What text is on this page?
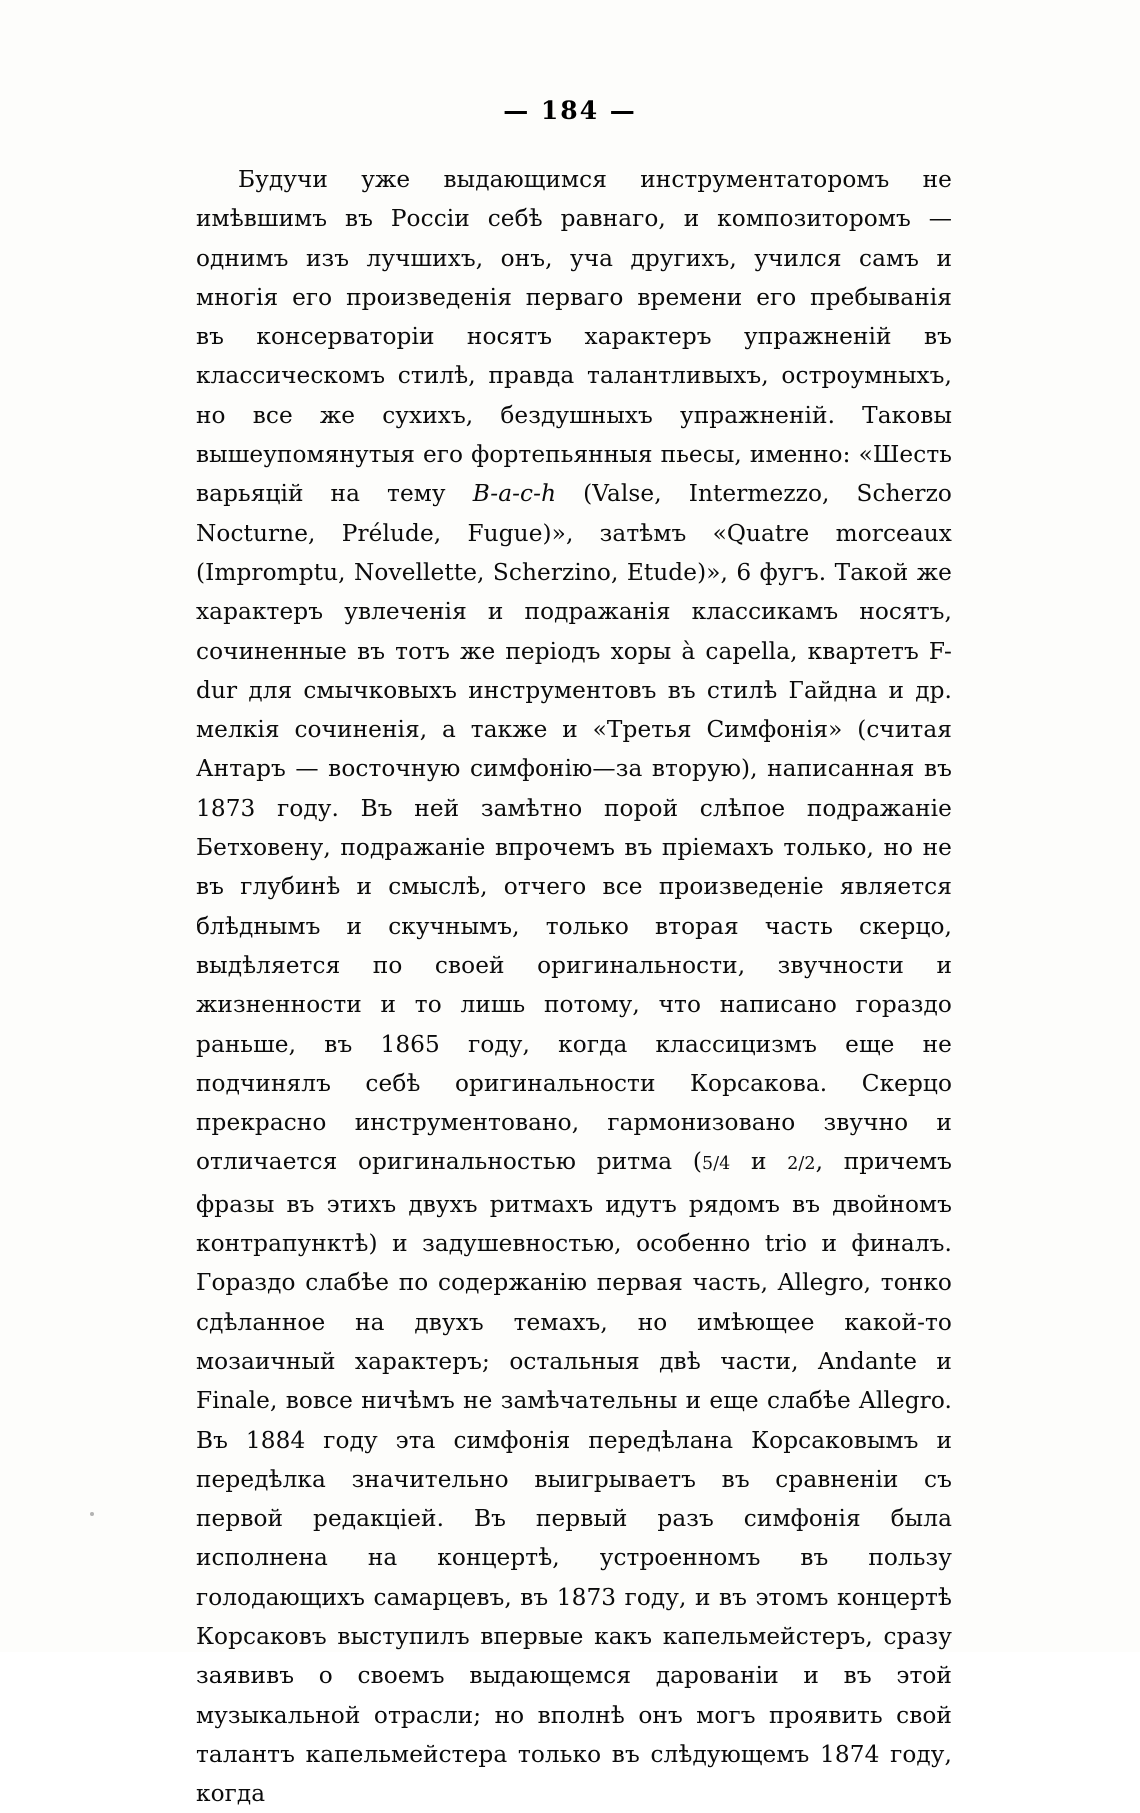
— 184 —

Будучи уже выдающимся инструментаторомъ не имѣвшимъ въ Россіи себѣ равнаго, и композиторомъ — однимъ изъ лучшихъ, онъ, уча другихъ, учился самъ и многія его произведенія перваго времени его пребыванія въ консерваторіи носятъ характеръ упражненій въ классическомъ стилѣ, правда талантливыхъ, остроумныхъ, но все же сухихъ, бездушныхъ упражненій. Таковы вышеупомянутыя его фортепьянныя пьесы, именно: «Шесть варьяцій на тему B-a-c-h (Valse, Intermezzo, Scherzo Nocturne, Prélude, Fugue)», затѣмъ «Quatre morceaux (Impromptu, Novellette, Scherzino, Etude)», 6 фугъ. Такой же характеръ увлеченія и подражанія классикамъ носятъ, сочиненные въ тотъ же періодъ хоры à capella, квартетъ F-dur для смычковыхъ инструментовъ въ стилѣ Гайдна и др. мелкія сочиненія, а также и «Третья Симфонія» (считая Антаръ — восточную симфонію—за вторую), написанная въ 1873 году. Въ ней замѣтно порой слѣпое подражаніе Бетховену, подражаніе впрочемъ въ пріемахъ только, но не въ глубинѣ и смыслѣ, отчего все произведеніе является блѣднымъ и скучнымъ, только вторая часть скерцо, выдѣляется по своей оригинальности, звучности и жизненности и то лишь потому, что написано гораздо раньше, въ 1865 году, когда классицизмъ еще не подчинялъ себѣ оригинальности Корсакова. Скерцо прекрасно инструментовано, гармонизовано звучно и отличается оригинальностью ритма (5/4 и 2/2, причемъ фразы въ этихъ двухъ ритмахъ идутъ рядомъ въ двойномъ контрапунктѣ) и задушевностью, особенно trio и финалъ. Гораздо слабѣе по содержанію первая часть, Allegro, тонко сдѣланное на двухъ темахъ, но имѣющее какой-то мозаичный характеръ; остальныя двѣ части, Andante и Finale, вовсе ничѣмъ не замѣчательны и еще слабѣе Allegro. Въ 1884 году эта симфонія передѣлана Корсаковымъ и передѣлка значительно выигрываетъ въ сравненіи съ первой редакціей. Въ первый разъ симфонія была исполнена на концертѣ, устроенномъ въ пользу голодающихъ самарцевъ, въ 1873 году, и въ этомъ концертѣ Корсаковъ выступилъ впервые какъ капельмейстеръ, сразу заявивъ о своемъ выдающемся дарованіи и въ этой музыкальной отрасли; но вполнѣ онъ могъ проявить свой талантъ капельмейстера только въ слѣдующемъ 1874 году, когда
